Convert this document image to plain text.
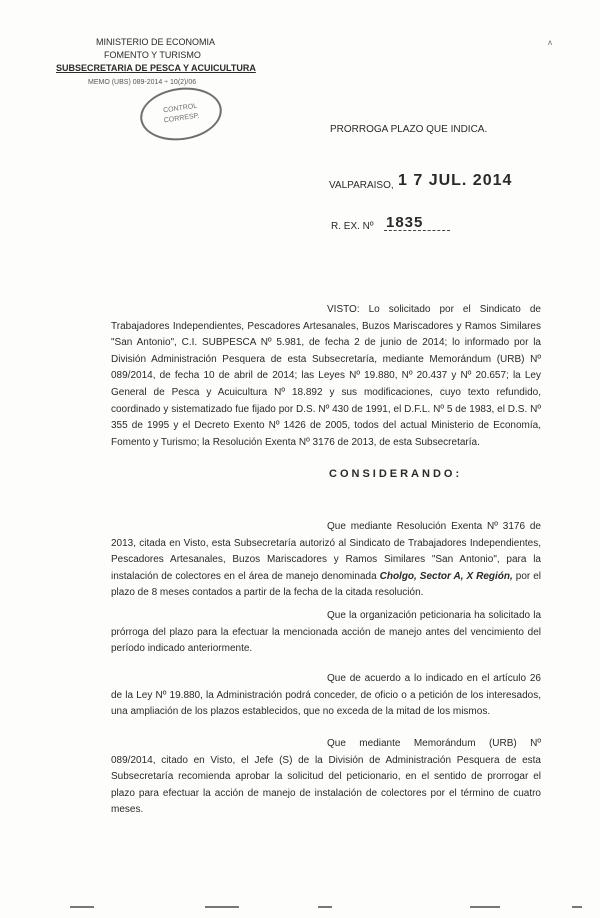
MINISTERIO DE ECONOMIA
FOMENTO Y TURISMO
SUBSECRETARIA DE PESCA Y ACUICULTURA
MEMO (UBS) 089-2014 ÷ 10(2)/06
CONTROL
CORRESP.
ʌ
PRORROGA PLAZO QUE INDICA.
VALPARAISO, 1 7 JUL. 2014
R. EX. Nº 1835
VISTO: Lo solicitado por el Sindicato de Trabajadores Independientes, Pescadores Artesanales, Buzos Mariscadores y Ramos Similares "San Antonio", C.I. SUBPESCA Nº 5.981, de fecha 2 de junio de 2014; lo informado por la División Administración Pesquera de esta Subsecretaría, mediante Memorándum (URB) Nº 089/2014, de fecha 10 de abril de 2014; las Leyes Nº 19.880, Nº 20.437 y Nº 20.657; la Ley General de Pesca y Acuicultura Nº 18.892 y sus modificaciones, cuyo texto refundido, coordinado y sistematizado fue fijado por D.S. Nº 430 de 1991, el D.F.L. Nº 5 de 1983, el D.S. Nº 355 de 1995 y el Decreto Exento Nº 1426 de 2005, todos del actual Ministerio de Economía, Fomento y Turismo; la Resolución Exenta Nº 3176 de 2013, de esta Subsecretaría.
CONSIDERANDO:
Que mediante Resolución Exenta Nº 3176 de 2013, citada en Visto, esta Subsecretaría autorizó al Sindicato de Trabajadores Independientes, Pescadores Artesanales, Buzos Mariscadores y Ramos Similares "San Antonio", para la instalación de colectores en el área de manejo denominada Cholgo, Sector A, X Región, por el plazo de 8 meses contados a partir de la fecha de la citada resolución.
Que la organización peticionaria ha solicitado la prórroga del plazo para la efectuar la mencionada acción de manejo antes del vencimiento del período indicado anteriormente.
Que de acuerdo a lo indicado en el artículo 26 de la Ley Nº 19.880, la Administración podrá conceder, de oficio o a petición de los interesados, una ampliación de los plazos establecidos, que no exceda de la mitad de los mismos.
Que mediante Memorándum (URB) Nº 089/2014, citado en Visto, el Jefe (S) de la División de Administración Pesquera de esta Subsecretaría recomienda aprobar la solicitud del peticionario, en el sentido de prorrogar el plazo para efectuar la acción de manejo de instalación de colectores por el término de cuatro meses.
